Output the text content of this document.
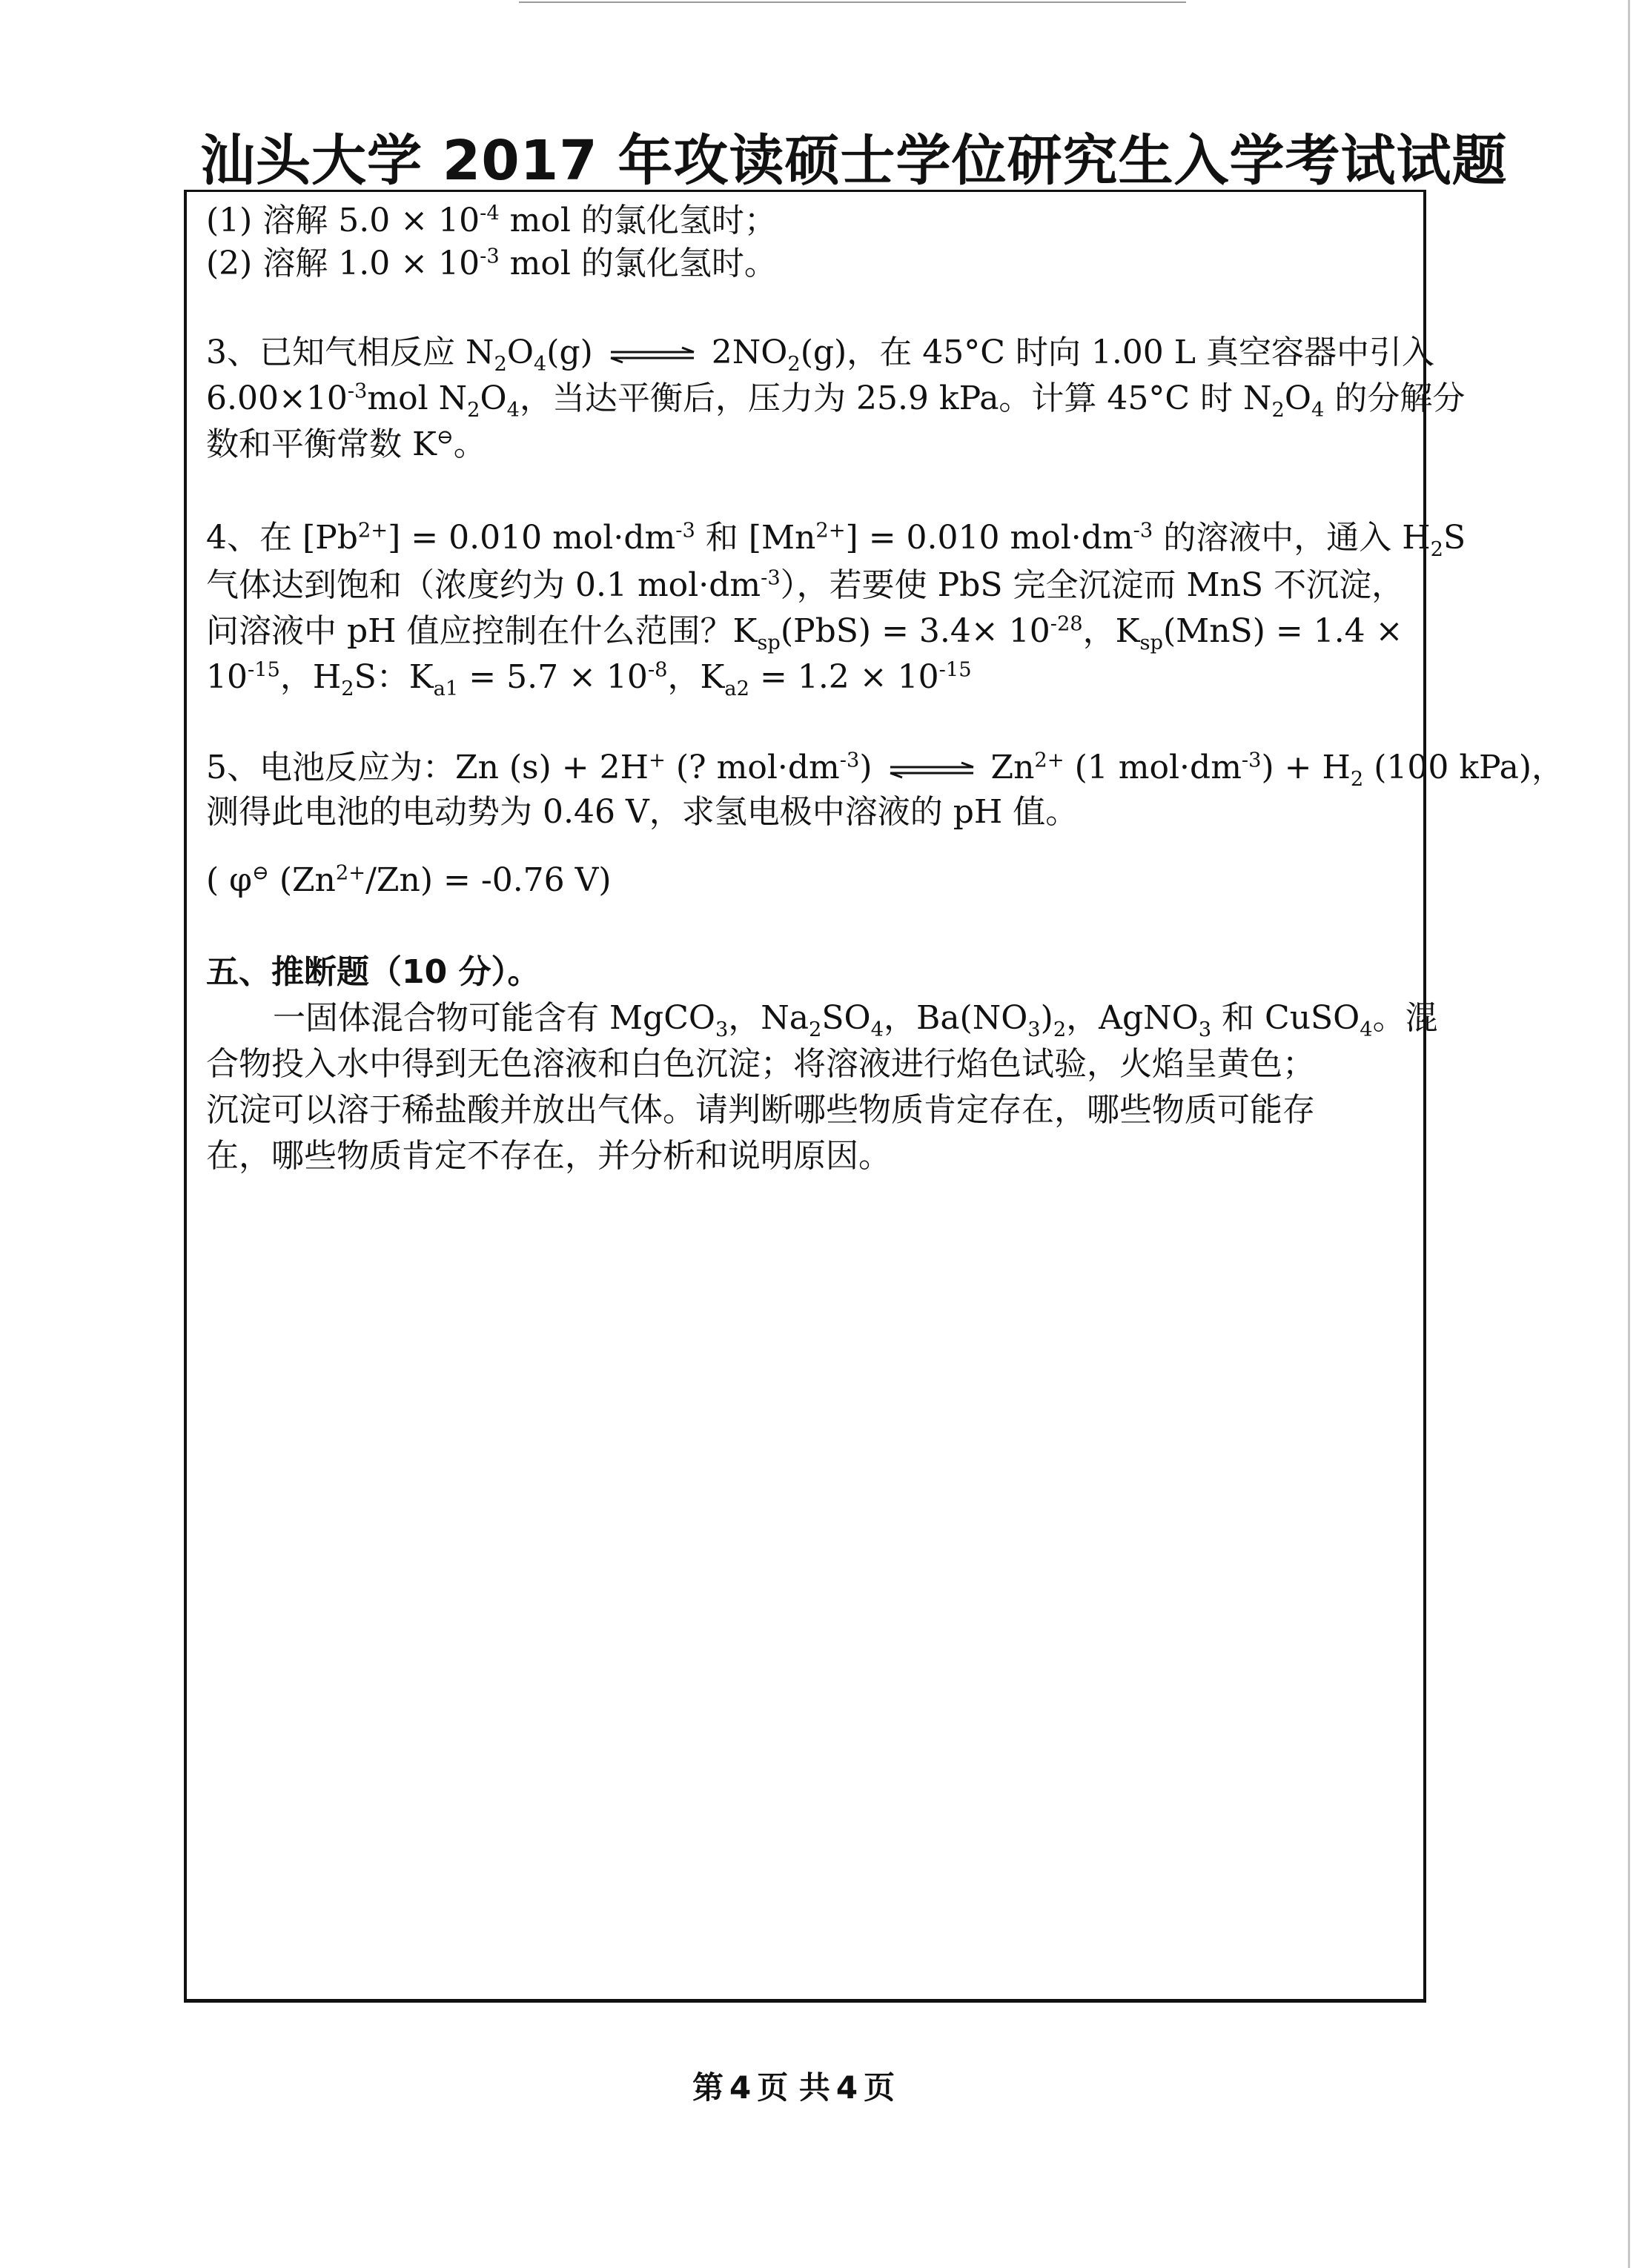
汕头大学 2017 年攻读硕士学位研究生入学考试试题
(1) 溶解 $5.0 \times 10^{-4}$ mol 的氯化氢时；
(2) 溶解 $1.0 \times 10^{-3}$ mol 的氯化氢时。
3、已知气相反应 $N_2O_4(g)$ ⇌ $2NO_2(g)$，在 45°C 时向 1.00 L 真空容器中引入
$6.00\times 10^{-3}mol$ $N_2O_4$，当达平衡后，压力为 25.9 kPa。计算 45°C 时 $N_2O_4$ 的分解分
数和平衡常数 K⊖。
4、在 $[Pb^{2+}] = 0.010$ $mol\cdot dm^{-3}$ 和 $[Mn^{2+}] = 0.010$ $mol\cdot dm^{-3}$ 的溶液中，通入 $H_2S$
气体达到饱和（浓度约为 0.1 $mol\cdot dm^{-3}$），若要使 PbS 完全沉淀而 MnS 不沉淀，
问溶液中 pH 值应控制在什么范围？$K_{sp}(PbS) = 3.4\times 10^{-28}$，$K_{sp}(MnS) = 1.4$ ×
$10^{-15}$，$H_2S$：$K_{a1} = 5.7 \times 10^{-8}$，$K_{a2} = 1.2 \times 10^{-15}$
5、电池反应为：Zn (s) + 2H+ (? $mol\cdot dm^{-3}$) ⇌ $Zn^{2+}$ (1 $mol\cdot dm^{-3}) + H_2$ (100 kPa)，
测得此电池的电动势为 0.46 V，求氢电极中溶液的 pH 值。
( φ⊖ $(Zn^{2+}/Zn) = -0.76$ V)
五、推断题（10 分）。
一固体混合物可能含有 MgCO$_3$，$Na_2SO_4$，$Ba(NO_3)_2$，AgNO$_3$ 和 CuSO$_4$。混
合物投入水中得到无色溶液和白色沉淀；将溶液进行焰色试验，火焰呈黄色；
沉淀可以溶于稀盐酸并放出气体。请判断哪些物质肯定存在，哪些物质可能存
在，哪些物质肯定不存在，并分析和说明原因。
第 4 页 共 4 页
